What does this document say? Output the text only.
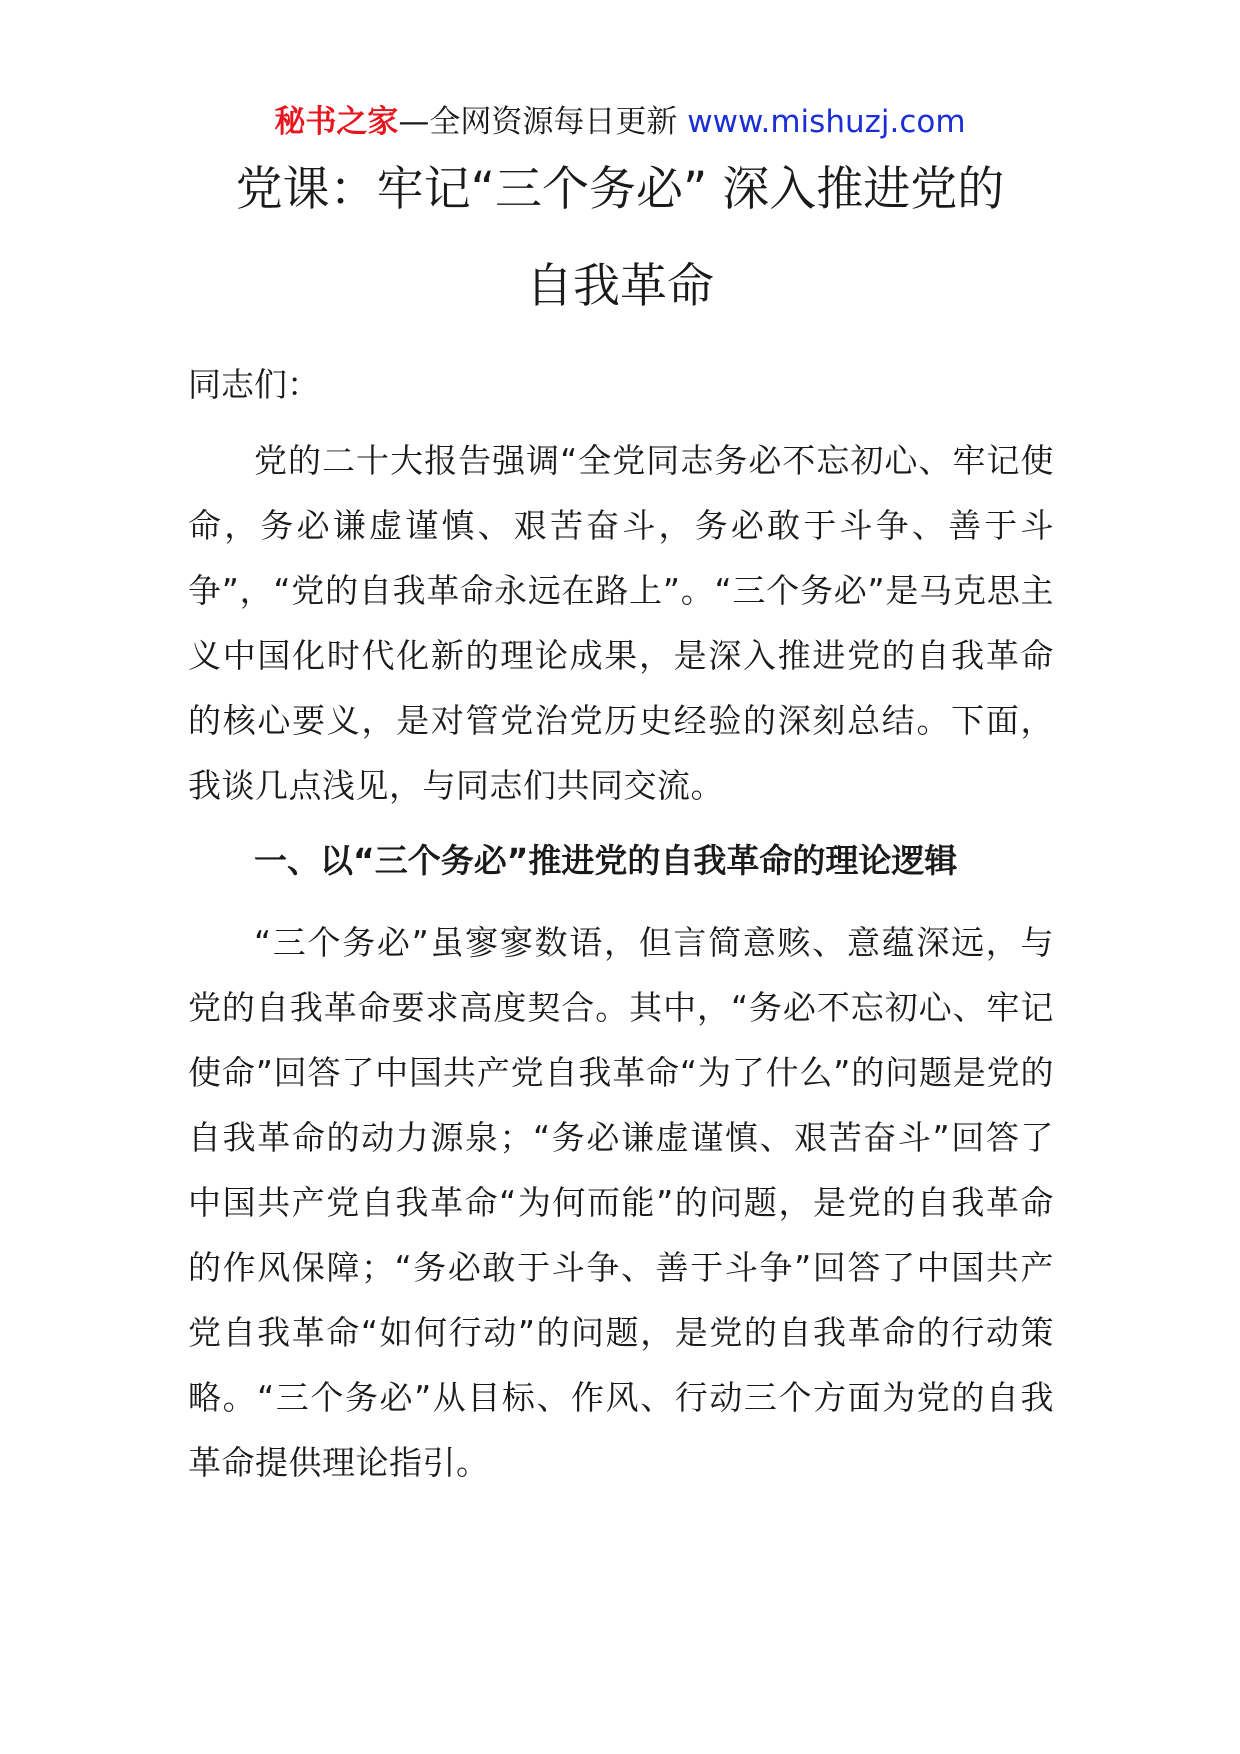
秘书之家—全网资源每日更新 www.mishuzj.com
党课：牢记“三个务必” 深入推进党的
自我革命
同志们：
党的二十大报告强调“全党同志务必不忘初心、牢记使命，务必谦虚谨慎、艰苦奋斗，务必敢于斗争、善于斗争”，“党的自我革命永远在路上”。“三个务必”是马克思主义中国化时代化新的理论成果，是深入推进党的自我革命的核心要义，是对管党治党历史经验的深刻总结。下面，我谈几点浅见，与同志们共同交流。
一、以“三个务必”推进党的自我革命的理论逻辑
“三个务必”虽寥寥数语，但言简意赅、意蕴深远，与党的自我革命要求高度契合。其中，“务必不忘初心、牢记使命”回答了中国共产党自我革命“为了什么”的问题是党的自我革命的动力源泉；“务必谦虚谨慎、艰苦奋斗”回答了中国共产党自我革命“为何而能”的问题，是党的自我革命的作风保障；“务必敢于斗争、善于斗争”回答了中国共产党自我革命“如何行动”的问题，是党的自我革命的行动策略。“三个务必”从目标、作风、行动三个方面为党的自我革命提供理论指引。
